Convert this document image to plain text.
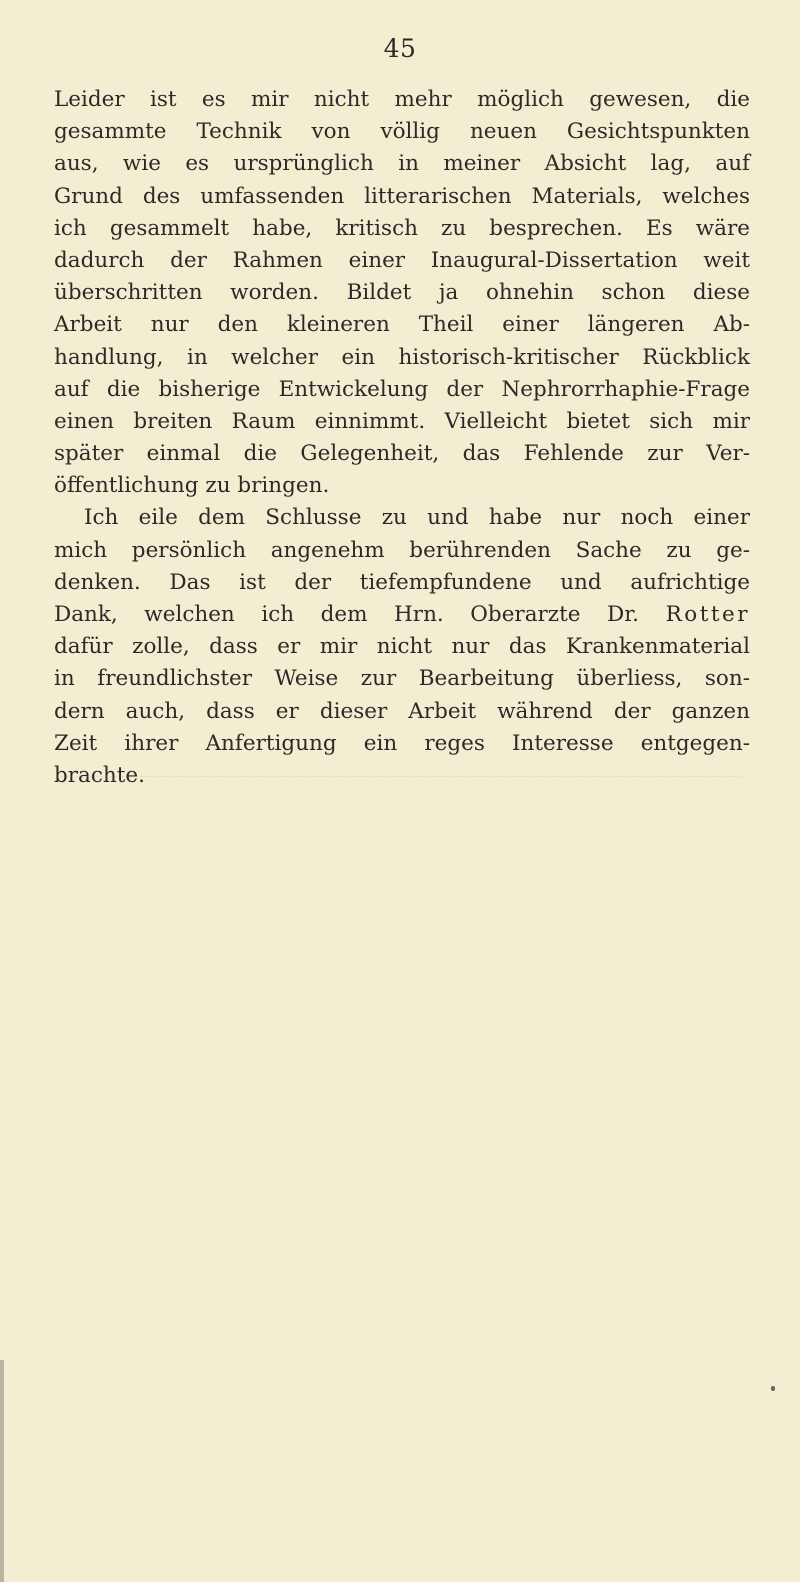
45
Leider ist es mir nicht mehr möglich gewesen, die
gesammte Technik von völlig neuen Gesichtspunkten
aus, wie es ursprünglich in meiner Absicht lag, auf
Grund des umfassenden litterarischen Materials, welches
ich gesammelt habe, kritisch zu besprechen. Es wäre
dadurch der Rahmen einer Inaugural-Dissertation weit
überschritten worden. Bildet ja ohnehin schon diese
Arbeit nur den kleineren Theil einer längeren Ab-
handlung, in welcher ein historisch-kritischer Rückblick
auf die bisherige Entwickelung der Nephrorrhaphie-Frage
einen breiten Raum einnimmt. Vielleicht bietet sich mir
später einmal die Gelegenheit, das Fehlende zur Ver-
öffentlichung zu bringen.
Ich eile dem Schlusse zu und habe nur noch einer
mich persönlich angenehm berührenden Sache zu ge-
denken. Das ist der tiefempfundene und aufrichtige
Dank, welchen ich dem Hrn. Oberarzte Dr. Rotter
dafür zolle, dass er mir nicht nur das Krankenmaterial
in freundlichster Weise zur Bearbeitung überliess, son-
dern auch, dass er dieser Arbeit während der ganzen
Zeit ihrer Anfertigung ein reges Interesse entgegen-
brachte.
